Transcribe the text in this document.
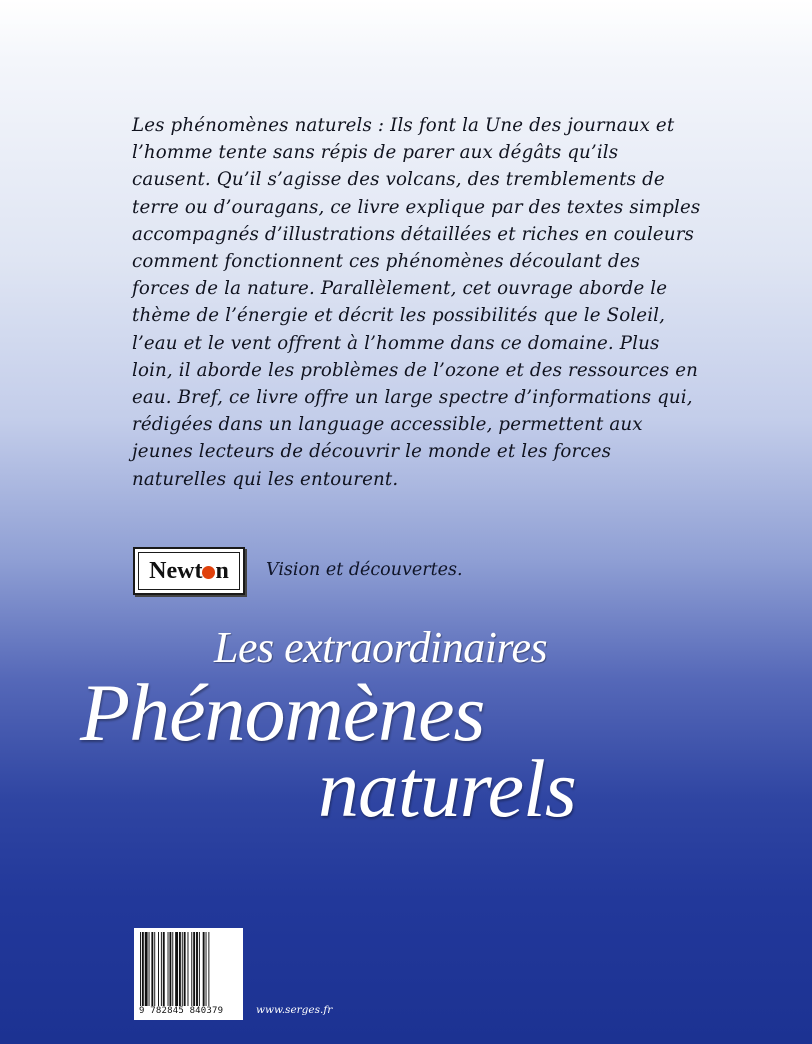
Les phénomènes naturels : Ils font la Une des journaux et l’homme tente sans répis de parer aux dégâts qu’ils causent. Qu’il s’agisse des volcans, des tremblements de terre ou d’ouragans, ce livre explique par des textes simples accompagnés d’illustrations détaillées et riches en couleurs comment fonctionnent ces phénomènes découlant des forces de la nature. Parallèlement, cet ouvrage aborde le thème de l’énergie et décrit les possibilités que le Soleil, l’eau et le vent offrent à l’homme dans ce domaine. Plus loin, il aborde les problèmes de l’ozone et des ressources en eau. Bref, ce livre offre un large spectre d’informations qui, rédigées dans un language accessible, permettent aux jeunes lecteurs de découvrir le monde et les forces naturelles qui les entourent.

New t n Vision et découvertes.
Les extraordinaires
Phénomènes
naturels
9 782845 840379	www.serges.fr
